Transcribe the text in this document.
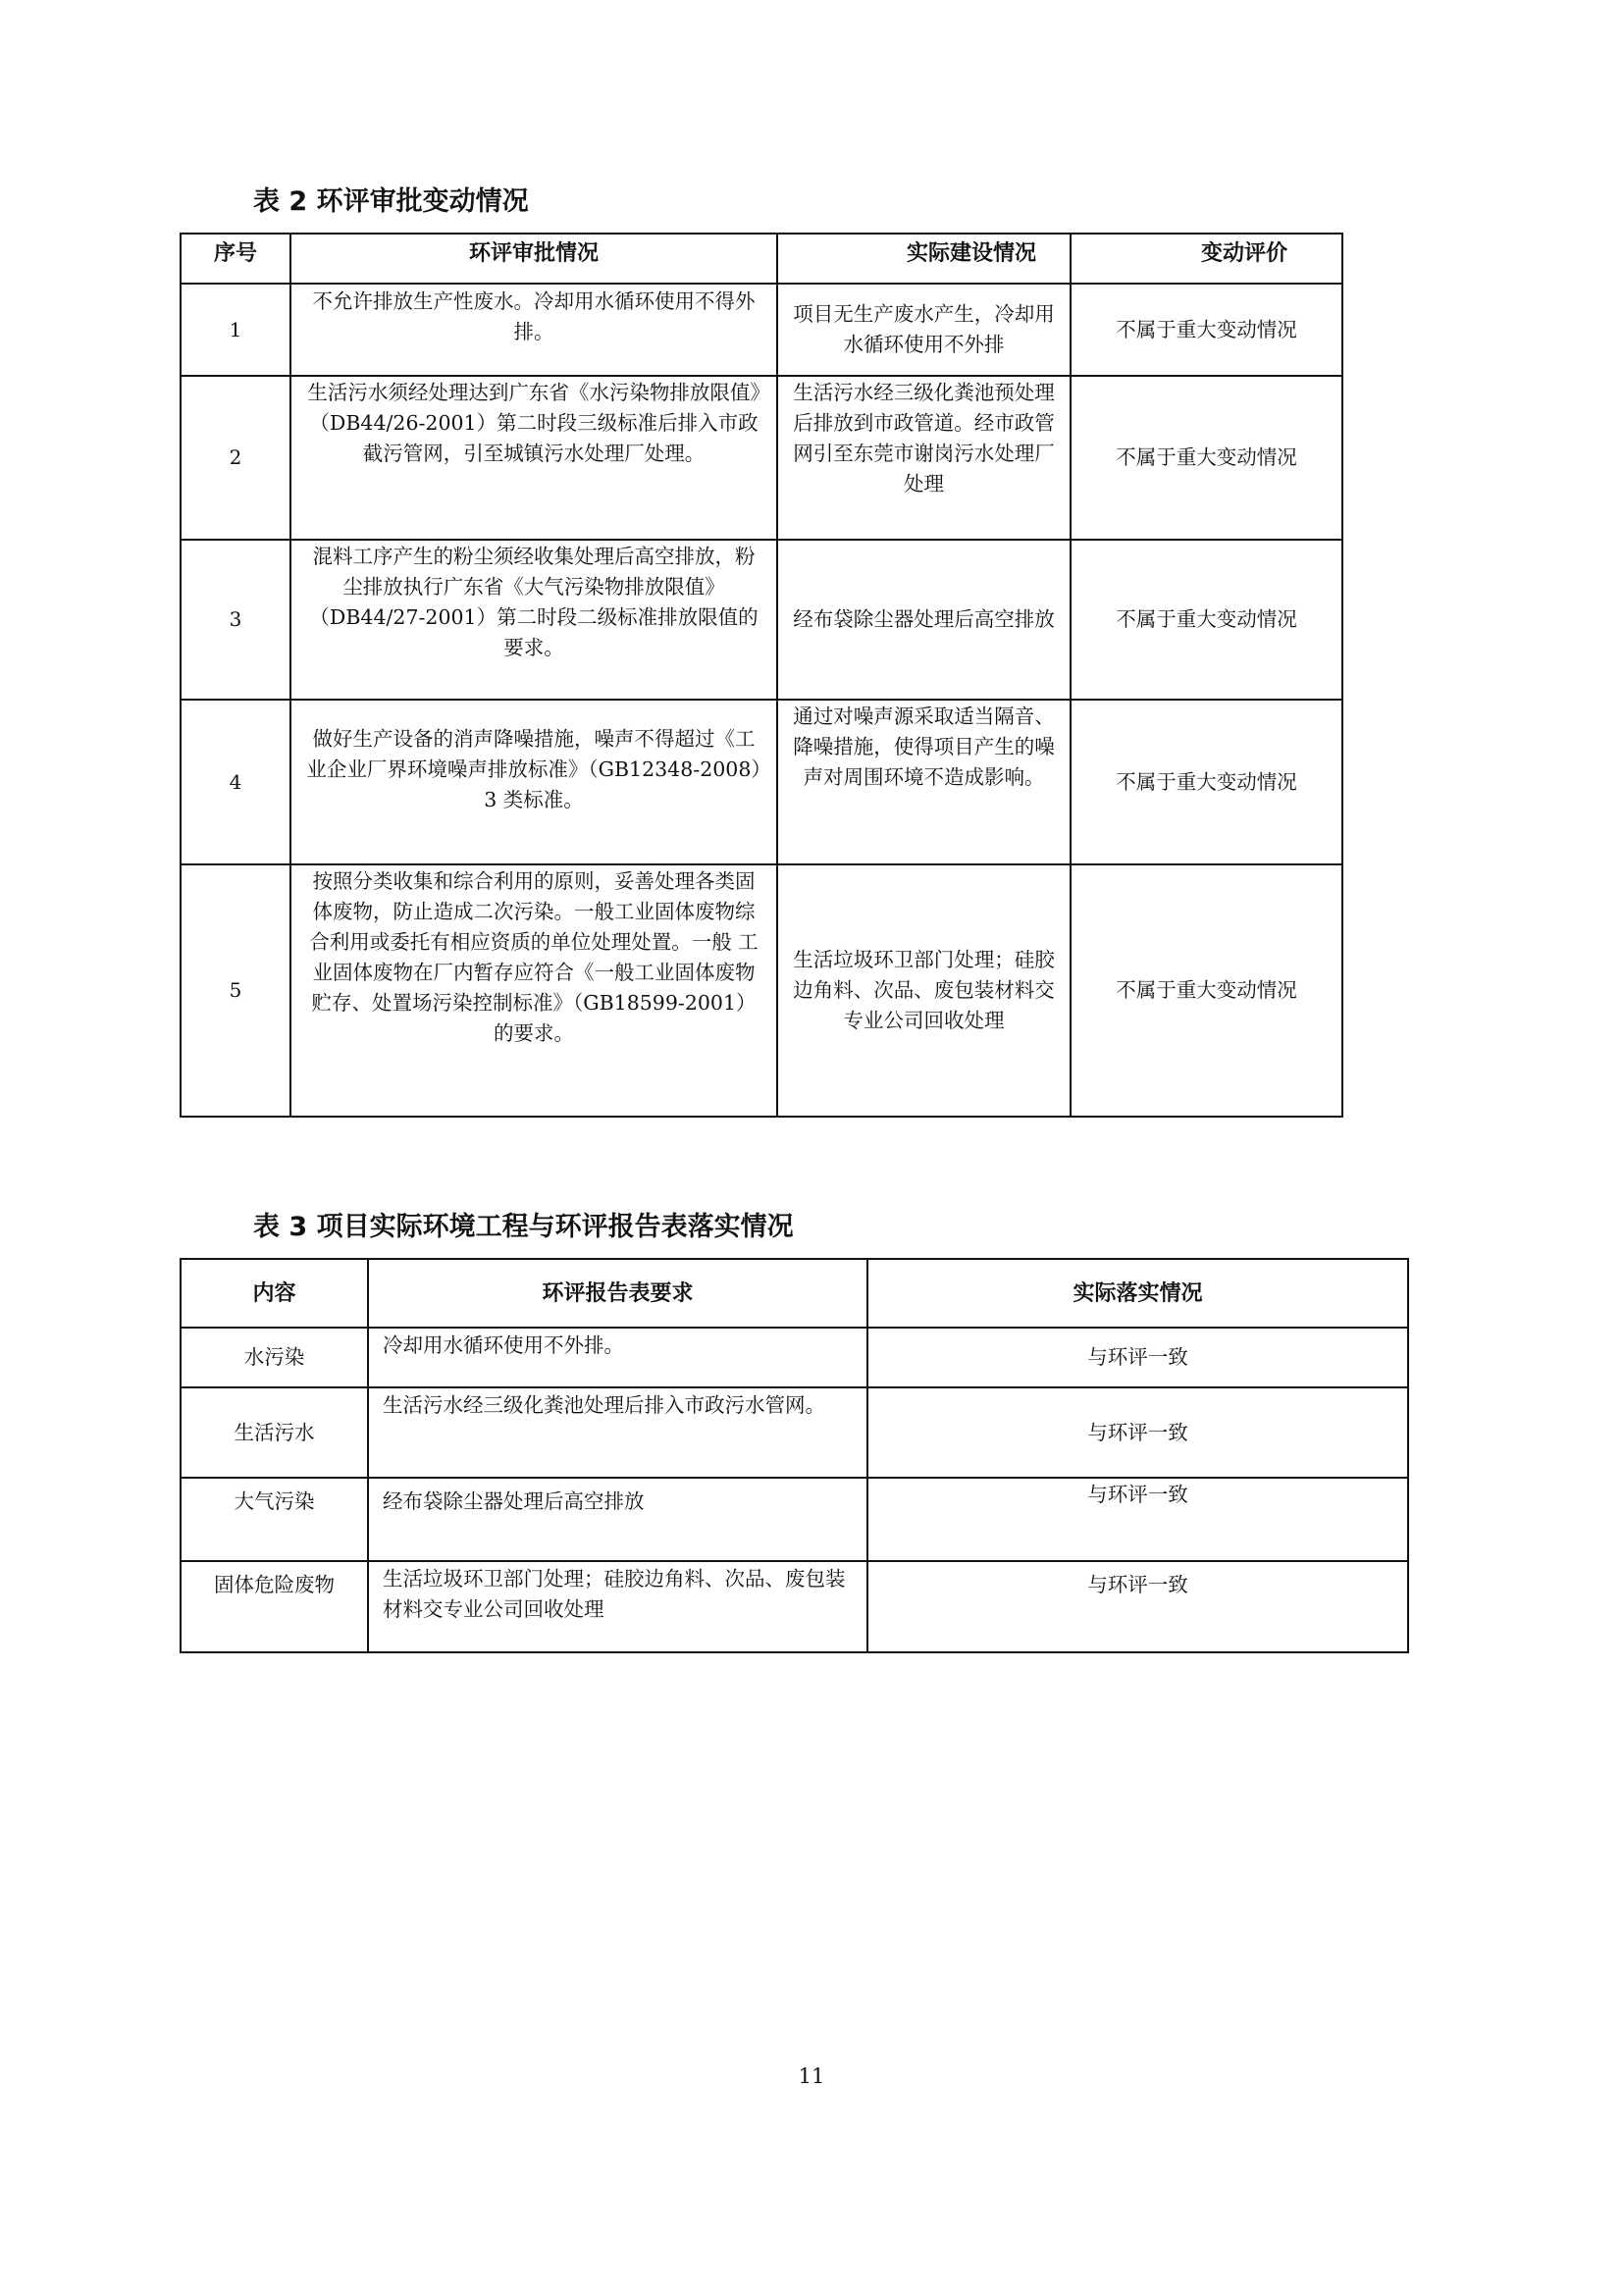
表 2 环评审批变动情况
序号	环评审批情况	实际建设情况	变动评价
1	不允许排放生产性废水。冷却用水循环使用不得外排。	项目无生产废水产生，冷却用水循环使用不外排	不属于重大变动情况
2	生活污水须经处理达到广东省《水污染物排放限值》（DB44/26-2001）第二时段三级标准后排入市政截污管网，引至城镇污水处理厂处理。	生活污水经三级化粪池预处理后排放到市政管道。经市政管网引至东莞市谢岗污水处理厂处理	不属于重大变动情况
3	混料工序产生的粉尘须经收集处理后高空排放，粉尘排放执行广东省《大气污染物排放限值》（DB44/27-2001）第二时段二级标准排放限值的要求。	经布袋除尘器处理后高空排放	不属于重大变动情况
4	做好生产设备的消声降噪措施，噪声不得超过《工业企业厂界环境噪声排放标准》（GB12348-2008）3 类标准。	通过对噪声源采取适当隔音、降噪措施，使得项目产生的噪声对周围环境不造成影响。	不属于重大变动情况
5	按照分类收集和综合利用的原则，妥善处理各类固体废物，防止造成二次污染。一般工业固体废物综合利用或委托有相应资质的单位处理处置。一般 工业固体废物在厂内暂存应符合《一般工业固体废物贮存、处置场污染控制标准》（GB18599-2001）的要求。	生活垃圾环卫部门处理；硅胶边角料、次品、废包装材料交专业公司回收处理	不属于重大变动情况
表 3 项目实际环境工程与环评报告表落实情况
内容	环评报告表要求	实际落实情况
水污染	冷却用水循环使用不外排。	与环评一致
生活污水	生活污水经三级化粪池处理后排入市政污水管网。	与环评一致
大气污染	经布袋除尘器处理后高空排放	与环评一致
固体危险废物	生活垃圾环卫部门处理；硅胶边角料、次品、废包装材料交专业公司回收处理	与环评一致
11
